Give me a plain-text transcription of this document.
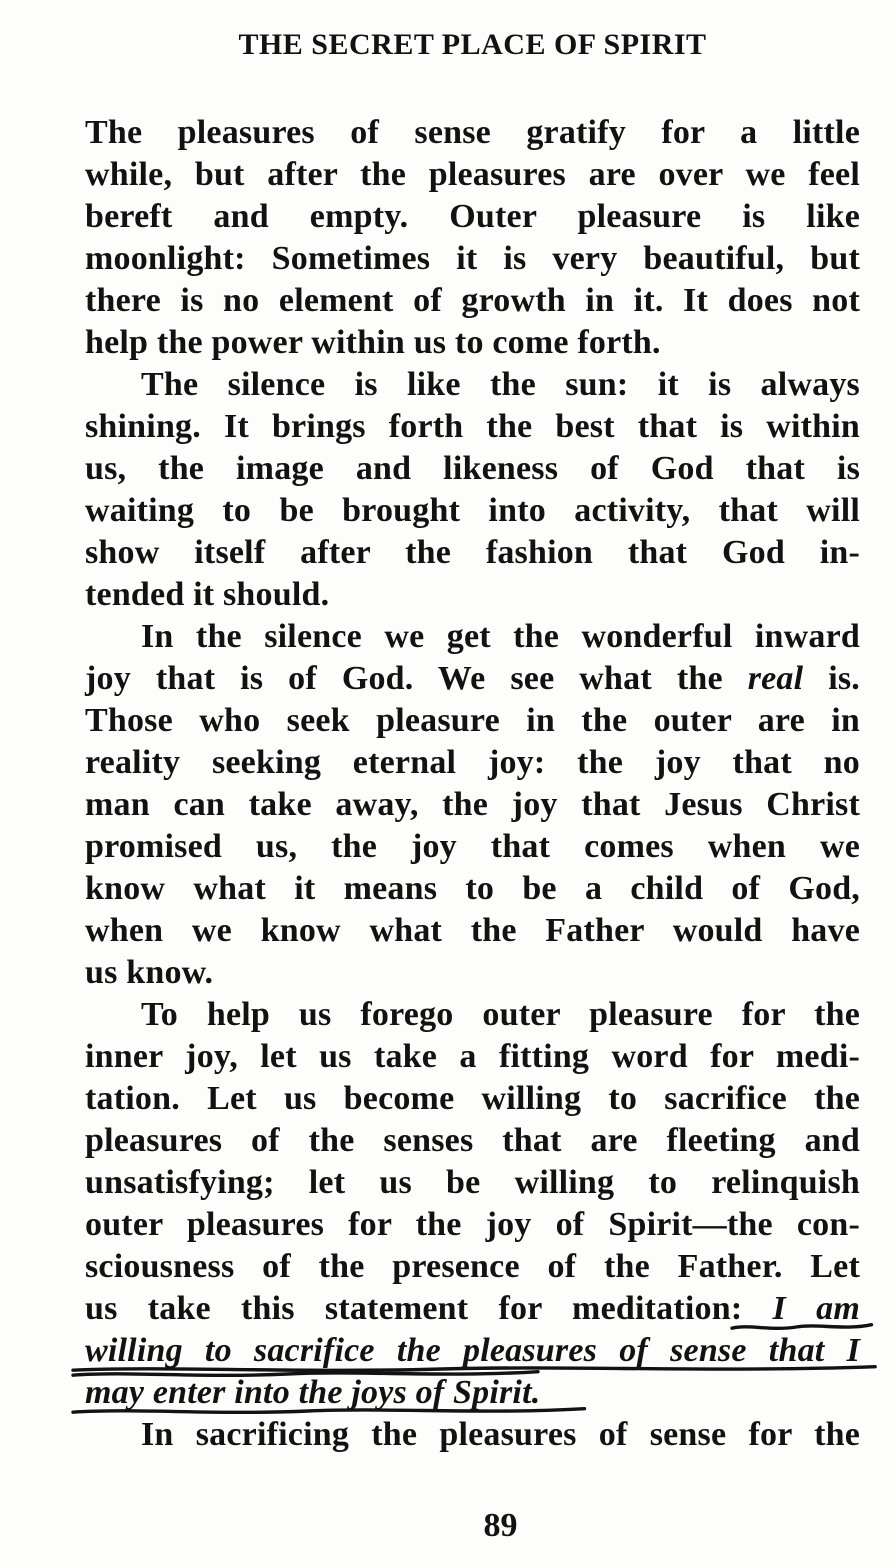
THE SECRET PLACE OF SPIRIT
The pleasures of sense gratify for a little
while, but after the pleasures are over we feel
bereft and empty. Outer pleasure is like
moonlight: Sometimes it is very beautiful, but
there is no element of growth in it. It does not
help the power within us to come forth.
The silence is like the sun: it is always
shining. It brings forth the best that is within
us, the image and likeness of God that is
waiting to be brought into activity, that will
show itself after the fashion that God in-
tended it should.
In the silence we get the wonderful inward
joy that is of God. We see what the real is.
Those who seek pleasure in the outer are in
reality seeking eternal joy: the joy that no
man can take away, the joy that Jesus Christ
promised us, the joy that comes when we
know what it means to be a child of God,
when we know what the Father would have
us know.
To help us forego outer pleasure for the
inner joy, let us take a fitting word for medi-
tation. Let us become willing to sacrifice the
pleasures of the senses that are fleeting and
unsatisfying; let us be willing to relinquish
outer pleasures for the joy of Spirit—the con-
sciousness of the presence of the Father. Let
us take this statement for meditation: I am
willing to sacrifice the pleasures of sense that I
may enter into the joys of Spirit.
In sacrificing the pleasures of sense for the
89
